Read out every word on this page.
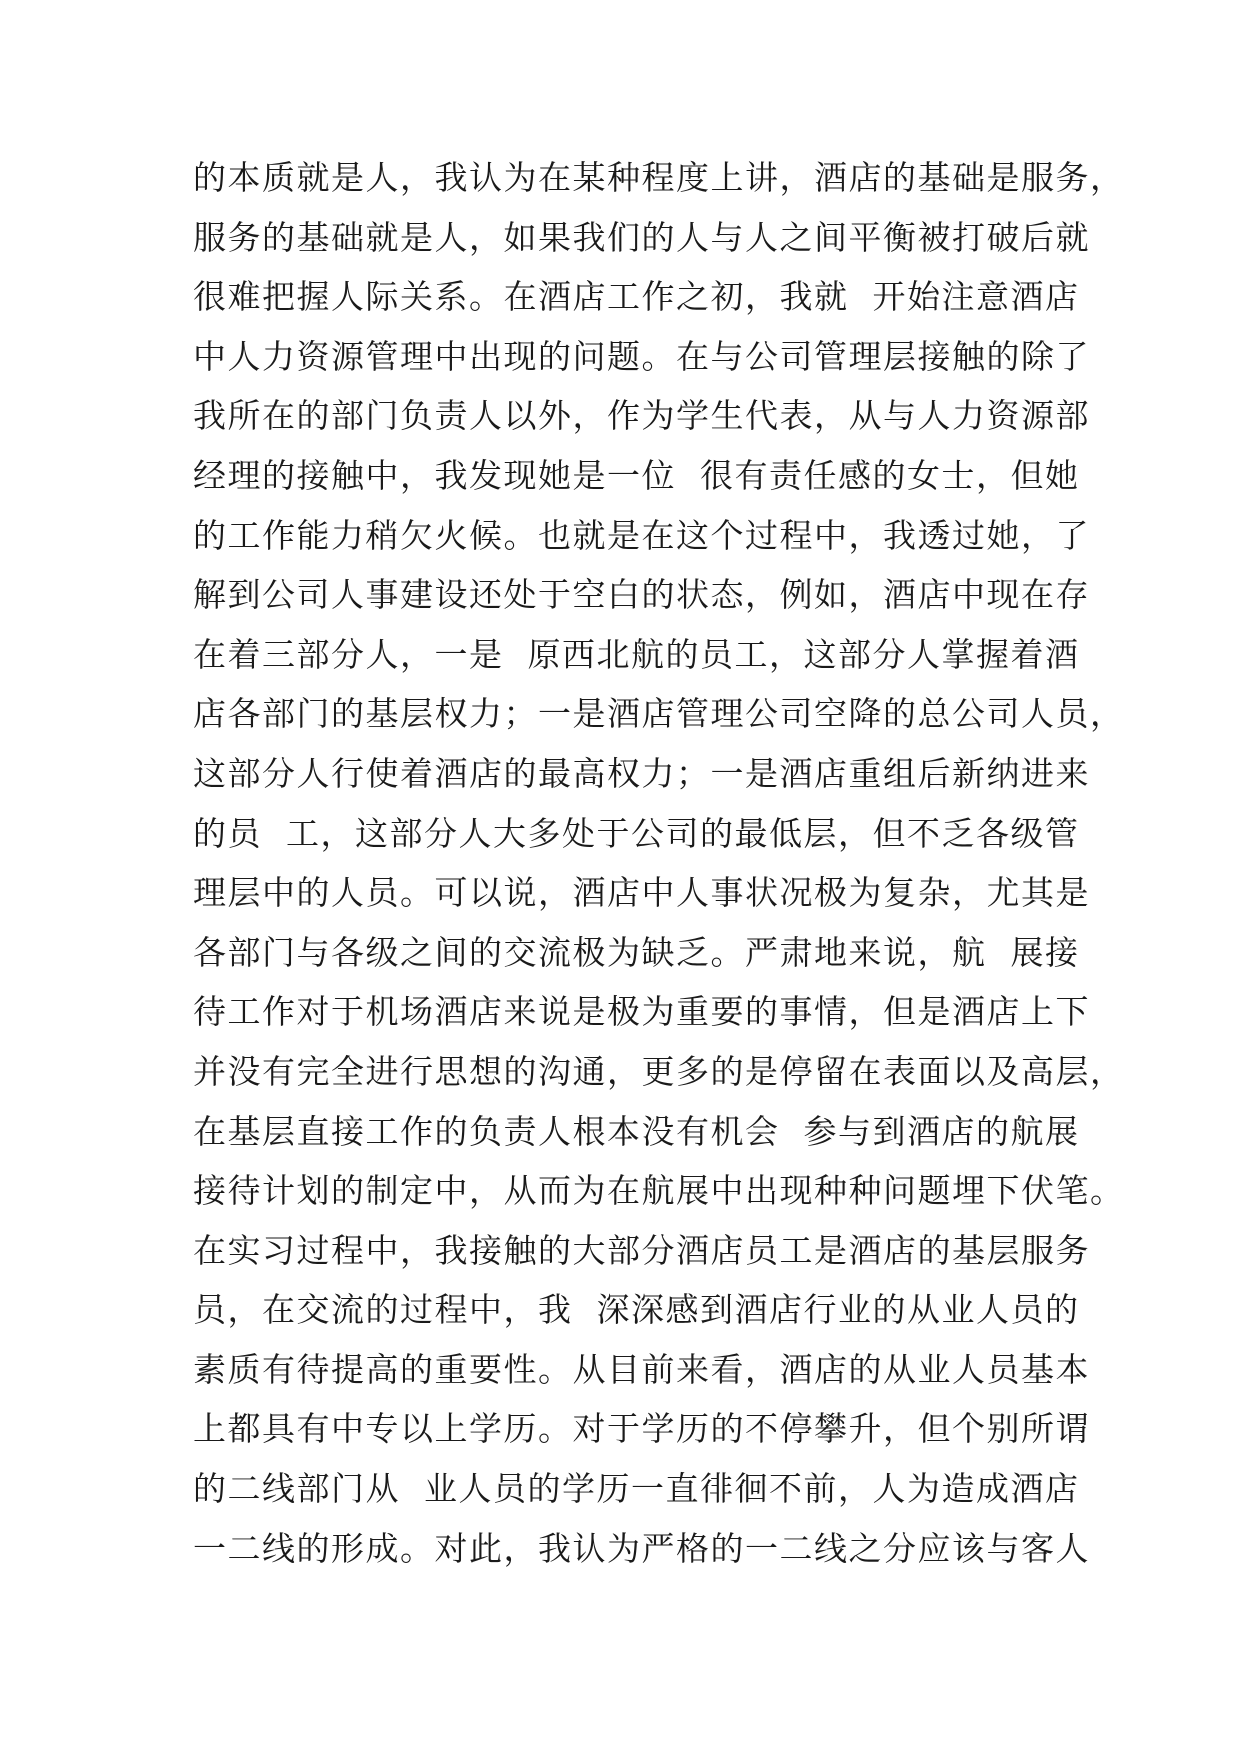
的本质就是人，我认为在某种程度上讲，酒店的基础是服务，
服务的基础就是人，如果我们的人与人之间平衡被打破后就
很难把握人际关系。在酒店工作之初，我就  开始注意酒店
中人力资源管理中出现的问题。在与公司管理层接触的除了
我所在的部门负责人以外，作为学生代表，从与人力资源部
经理的接触中，我发现她是一位  很有责任感的女士，但她
的工作能力稍欠火候。也就是在这个过程中，我透过她，了
解到公司人事建设还处于空白的状态，例如，酒店中现在存
在着三部分人，一是  原西北航的员工，这部分人掌握着酒
店各部门的基层权力；一是酒店管理公司空降的总公司人员，
这部分人行使着酒店的最高权力；一是酒店重组后新纳进来
的员  工，这部分人大多处于公司的最低层，但不乏各级管
理层中的人员。可以说，酒店中人事状况极为复杂，尤其是
各部门与各级之间的交流极为缺乏。严肃地来说，航  展接
待工作对于机场酒店来说是极为重要的事情，但是酒店上下
并没有完全进行思想的沟通，更多的是停留在表面以及高层，
在基层直接工作的负责人根本没有机会  参与到酒店的航展
接待计划的制定中，从而为在航展中出现种种问题埋下伏笔。
在实习过程中，我接触的大部分酒店员工是酒店的基层服务
员，在交流的过程中，我  深深感到酒店行业的从业人员的
素质有待提高的重要性。从目前来看，酒店的从业人员基本
上都具有中专以上学历。对于学历的不停攀升，但个别所谓
的二线部门从  业人员的学历一直徘徊不前，人为造成酒店
一二线的形成。对此，我认为严格的一二线之分应该与客人
